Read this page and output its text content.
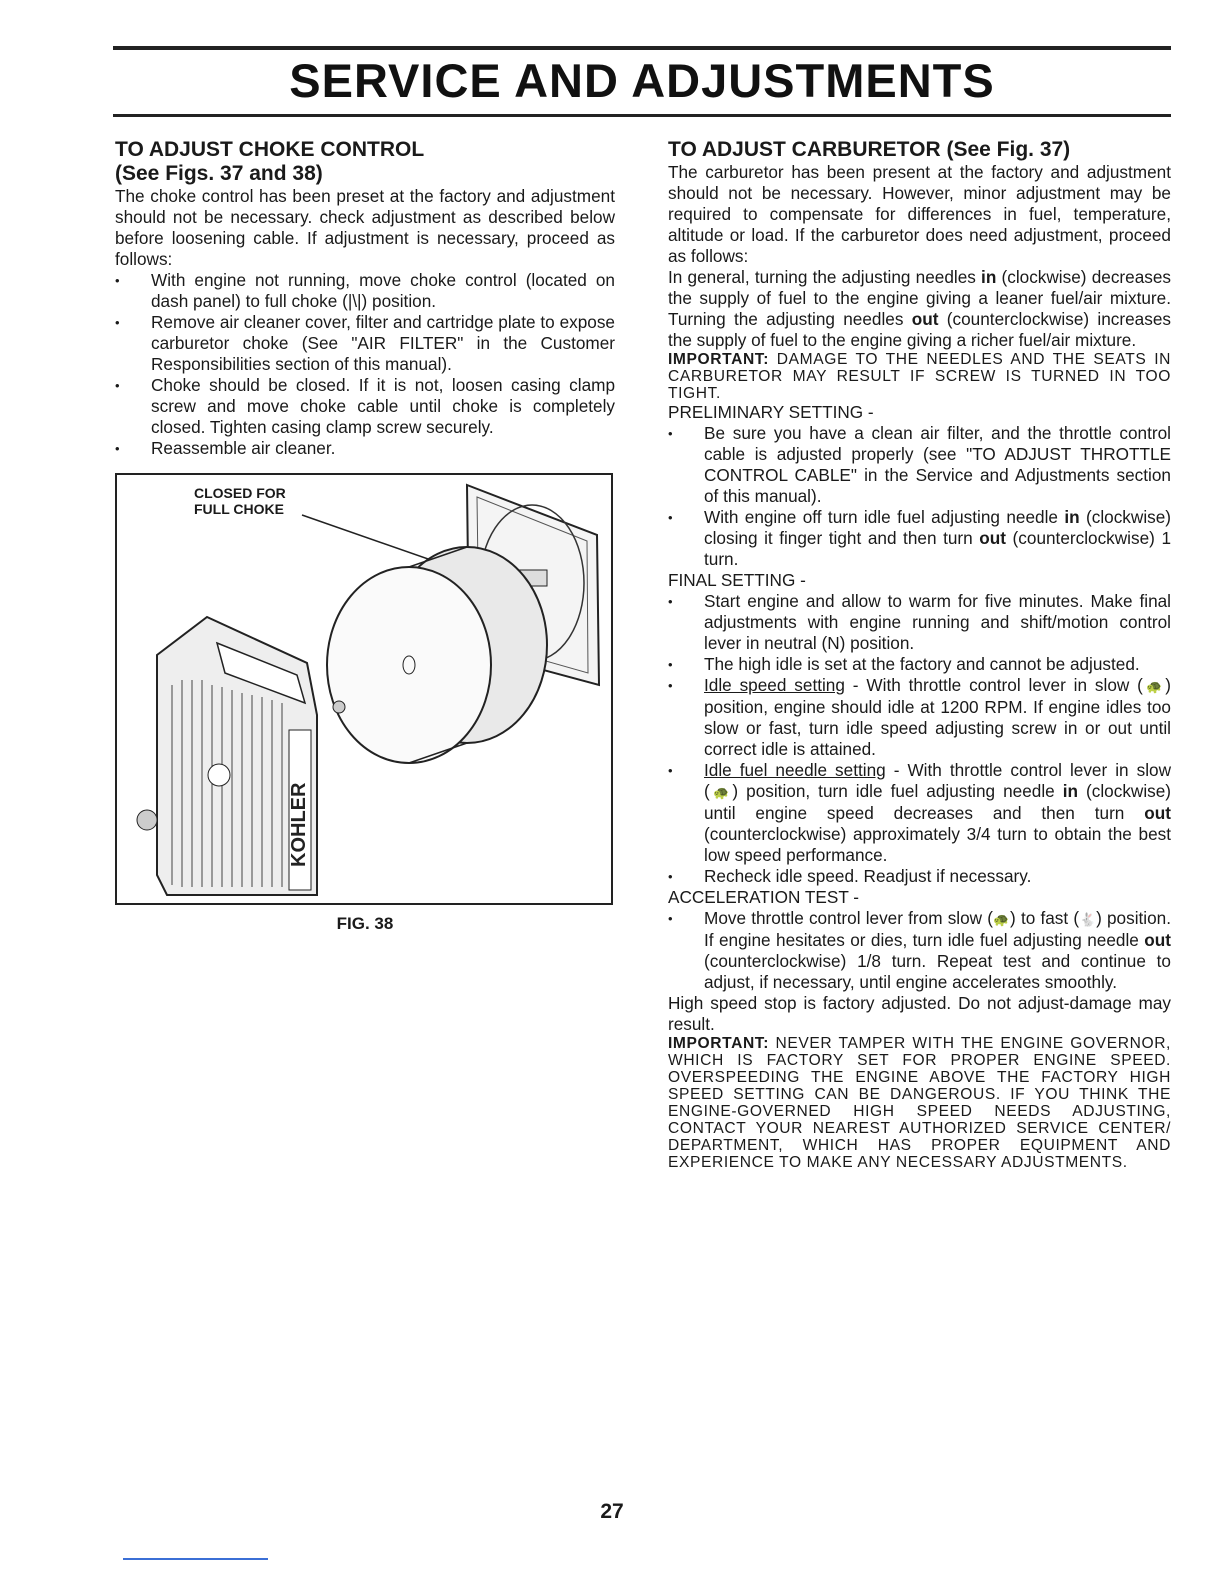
SERVICE AND ADJUSTMENTS
TO ADJUST CHOKE CONTROL
(See Figs. 37 and 38)

The choke control has been preset at the factory and adjustment should not be necessary. check adjustment as described below before loosening cable. If adjustment is necessary, proceed as follows:

• With engine not running, move choke control (located on dash panel) to full choke (|\|) position.
• Remove air cleaner cover, filter and cartridge plate to expose carburetor choke (See "AIR FILTER" in the Customer Responsibilities section of this manual).
• Choke should be closed. If it is not, loosen casing clamp screw and move choke cable until choke is completely closed. Tighten casing clamp screw securely.
• Reassemble air cleaner.
KOHLER
CLOSED FOR
FULL CHOKE
FIG. 38
TO ADJUST CARBURETOR (See Fig. 37)

The carburetor has been present at the factory and adjustment should not be necessary. However, minor adjustment may be required to compensate for differences in fuel, temperature, altitude or load. If the carburetor does need adjustment, proceed as follows:

In general, turning the adjusting needles in (clockwise) decreases the supply of fuel to the engine giving a leaner fuel/air mixture. Turning the adjusting needles out (counterclockwise) increases the supply of fuel to the engine giving a richer fuel/air mixture.

IMPORTANT: DAMAGE TO THE NEEDLES AND THE SEATS IN CARBURETOR MAY RESULT IF SCREW IS TURNED IN TOO TIGHT.

PRELIMINARY SETTING -

• Be sure you have a clean air filter, and the throttle control cable is adjusted properly (see "TO ADJUST THROTTLE CONTROL CABLE" in the Service and Adjustments section of this manual).
• With engine off turn idle fuel adjusting needle in (clockwise) closing it finger tight and then turn out (counterclockwise) 1 turn.

FINAL SETTING -

• Start engine and allow to warm for five minutes. Make final adjustments with engine running and shift/motion control lever in neutral (N) position.
• The high idle is set at the factory and cannot be adjusted.
• Idle speed setting - With throttle control lever in slow (🐢) position, engine should idle at 1200 RPM. If engine idles too slow or fast, turn idle speed adjusting screw in or out until correct idle is attained.
• Idle fuel needle setting - With throttle control lever in slow (🐢) position, turn idle fuel adjusting needle in (clockwise) until engine speed decreases and then turn out (counterclockwise) approximately 3/4 turn to obtain the best low speed performance.
• Recheck idle speed. Readjust if necessary.

ACCELERATION TEST -

• Move throttle control lever from slow (🐢) to fast (🐇) position. If engine hesitates or dies, turn idle fuel adjusting needle out (counterclockwise) 1/8 turn. Repeat test and continue to adjust, if necessary, until engine accelerates smoothly.

High speed stop is factory adjusted. Do not adjust-damage may result.

IMPORTANT: NEVER TAMPER WITH THE ENGINE GOVERNOR, WHICH IS FACTORY SET FOR PROPER ENGINE SPEED. OVERSPEEDING THE ENGINE ABOVE THE FACTORY HIGH SPEED SETTING CAN BE DANGEROUS. IF YOU THINK THE ENGINE-GOVERNED HIGH SPEED NEEDS ADJUSTING, CONTACT YOUR NEAREST AUTHORIZED SERVICE CENTER/ DEPARTMENT, WHICH HAS PROPER EQUIPMENT AND EXPERIENCE TO MAKE ANY NECESSARY ADJUSTMENTS.

27
